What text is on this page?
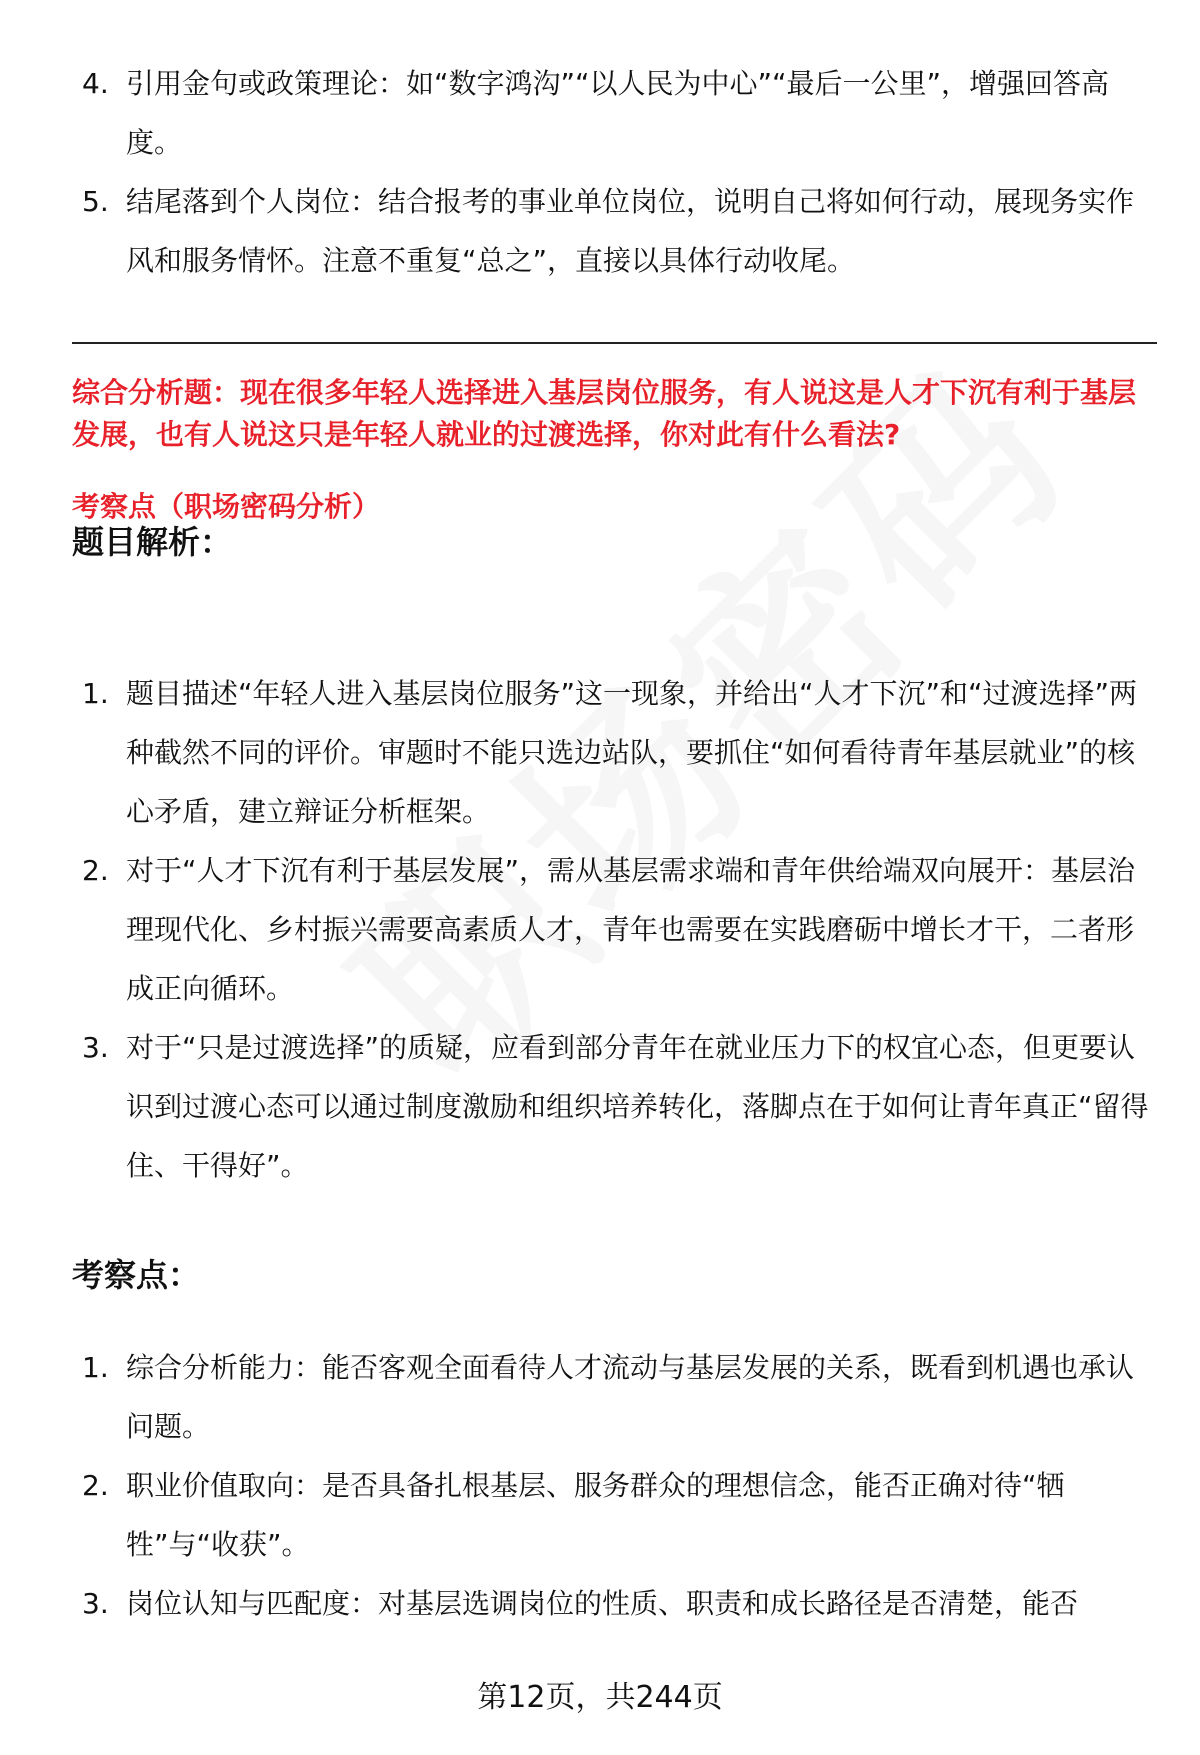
4. 引用金句或政策理论：如“数字鸿沟”“以人民为中心”“最后一公里”，增强回答高度。
5. 结尾落到个人岗位：结合报考的事业单位岗位，说明自己将如何行动，展现务实作风和服务情怀。注意不重复“总之”，直接以具体行动收尾。

综合分析题：现在很多年轻人选择进入基层岗位服务，有人说这是人才下沉有利于基层发展，也有人说这只是年轻人就业的过渡选择，你对此有什么看法?

考察点（职场密码分析）
题目解析：
1. 题目描述“年轻人进入基层岗位服务”这一现象，并给出“人才下沉”和“过渡选择”两种截然不同的评价。审题时不能只选边站队，要抓住“如何看待青年基层就业”的核心矛盾，建立辩证分析框架。
2. 对于“人才下沉有利于基层发展”，需从基层需求端和青年供给端双向展开：基层治理现代化、乡村振兴需要高素质人才，青年也需要在实践磨砺中增长才干，二者形成正向循环。
3. 对于“只是过渡选择”的质疑，应看到部分青年在就业压力下的权宜心态，但更要认识到过渡心态可以通过制度激励和组织培养转化，落脚点在于如何让青年真正“留得住、干得好”。
考察点：
1. 综合分析能力：能否客观全面看待人才流动与基层发展的关系，既看到机遇也承认问题。
2. 职业价值取向：是否具备扎根基层、服务群众的理想信念，能否正确对待“牺牲”与“收获”。
3. 岗位认知与匹配度：对基层选调岗位的性质、职责和成长路径是否清楚，能否
第12页，共244页
